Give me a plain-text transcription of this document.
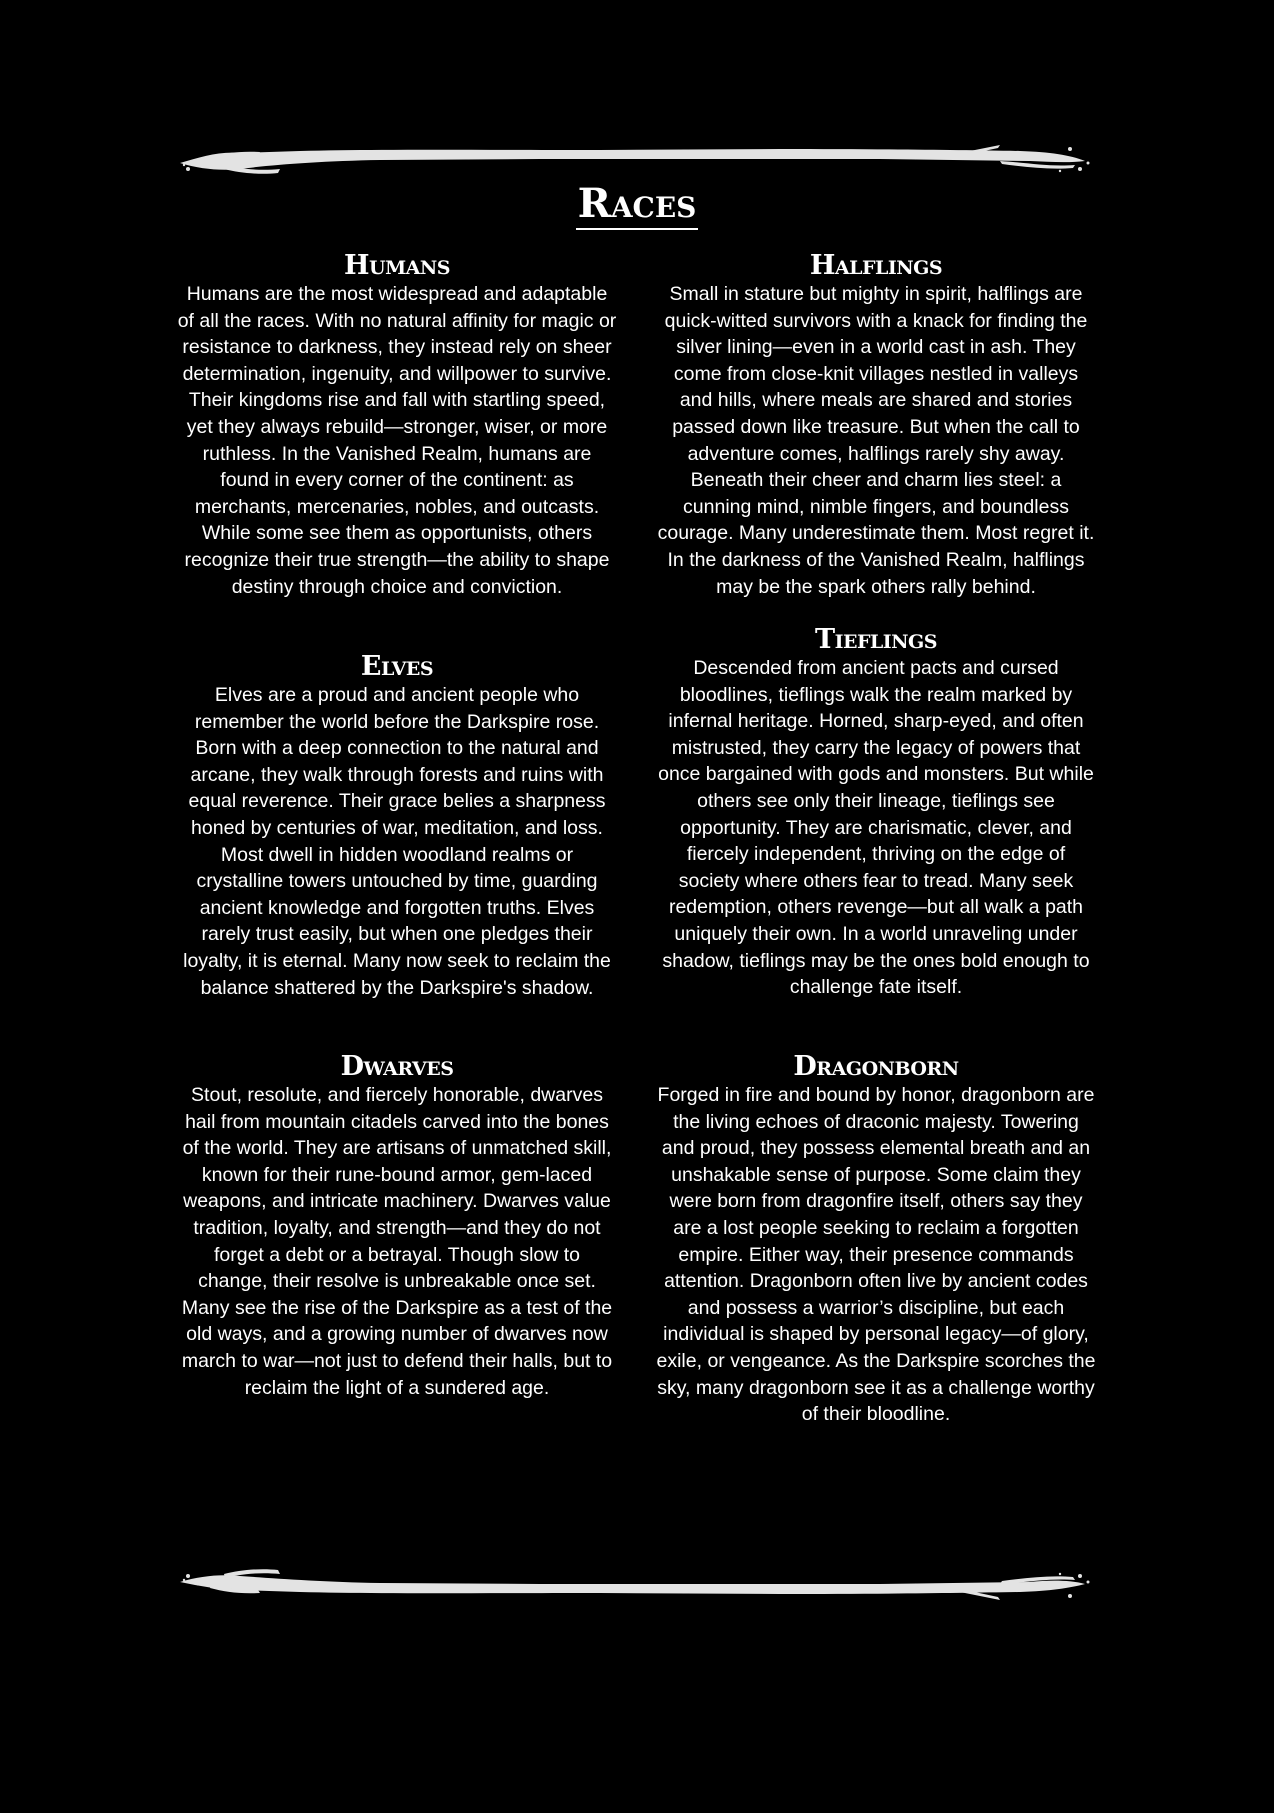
Races
Humans

Humans are the most widespread and adaptable of all the races. With no natural affinity for magic or resistance to darkness, they instead rely on sheer determination, ingenuity, and willpower to survive. Their kingdoms rise and fall with startling speed, yet they always rebuild—stronger, wiser, or more ruthless. In the Vanished Realm, humans are found in every corner of the continent: as merchants, mercenaries, nobles, and outcasts. While some see them as opportunists, others recognize their true strength—the ability to shape destiny through choice and conviction.

Halflings

Small in stature but mighty in spirit, halflings are quick-witted survivors with a knack for finding the silver lining—even in a world cast in ash. They come from close-knit villages nestled in valleys and hills, where meals are shared and stories passed down like treasure. But when the call to adventure comes, halflings rarely shy away. Beneath their cheer and charm lies steel: a cunning mind, nimble fingers, and boundless courage. Many underestimate them. Most regret it. In the darkness of the Vanished Realm, halflings may be the spark others rally behind.

Elves

Elves are a proud and ancient people who remember the world before the Darkspire rose. Born with a deep connection to the natural and arcane, they walk through forests and ruins with equal reverence. Their grace belies a sharpness honed by centuries of war, meditation, and loss. Most dwell in hidden woodland realms or crystalline towers untouched by time, guarding ancient knowledge and forgotten truths. Elves rarely trust easily, but when one pledges their loyalty, it is eternal. Many now seek to reclaim the balance shattered by the Darkspire's shadow.

Tieflings

Descended from ancient pacts and cursed bloodlines, tieflings walk the realm marked by infernal heritage. Horned, sharp-eyed, and often mistrusted, they carry the legacy of powers that once bargained with gods and monsters. But while others see only their lineage, tieflings see opportunity. They are charismatic, clever, and fiercely independent, thriving on the edge of society where others fear to tread. Many seek redemption, others revenge—but all walk a path uniquely their own. In a world unraveling under shadow, tieflings may be the ones bold enough to challenge fate itself.

Dwarves

Stout, resolute, and fiercely honorable, dwarves hail from mountain citadels carved into the bones of the world. They are artisans of unmatched skill, known for their rune-bound armor, gem-laced weapons, and intricate machinery. Dwarves value tradition, loyalty, and strength—and they do not forget a debt or a betrayal. Though slow to change, their resolve is unbreakable once set. Many see the rise of the Darkspire as a test of the old ways, and a growing number of dwarves now march to war—not just to defend their halls, but to reclaim the light of a sundered age.

Dragonborn

Forged in fire and bound by honor, dragonborn are the living echoes of draconic majesty. Towering and proud, they possess elemental breath and an unshakable sense of purpose. Some claim they were born from dragonfire itself, others say they are a lost people seeking to reclaim a forgotten empire. Either way, their presence commands attention. Dragonborn often live by ancient codes and possess a warrior’s discipline, but each individual is shaped by personal legacy—of glory, exile, or vengeance. As the Darkspire scorches the sky, many dragonborn see it as a challenge worthy of their bloodline.
